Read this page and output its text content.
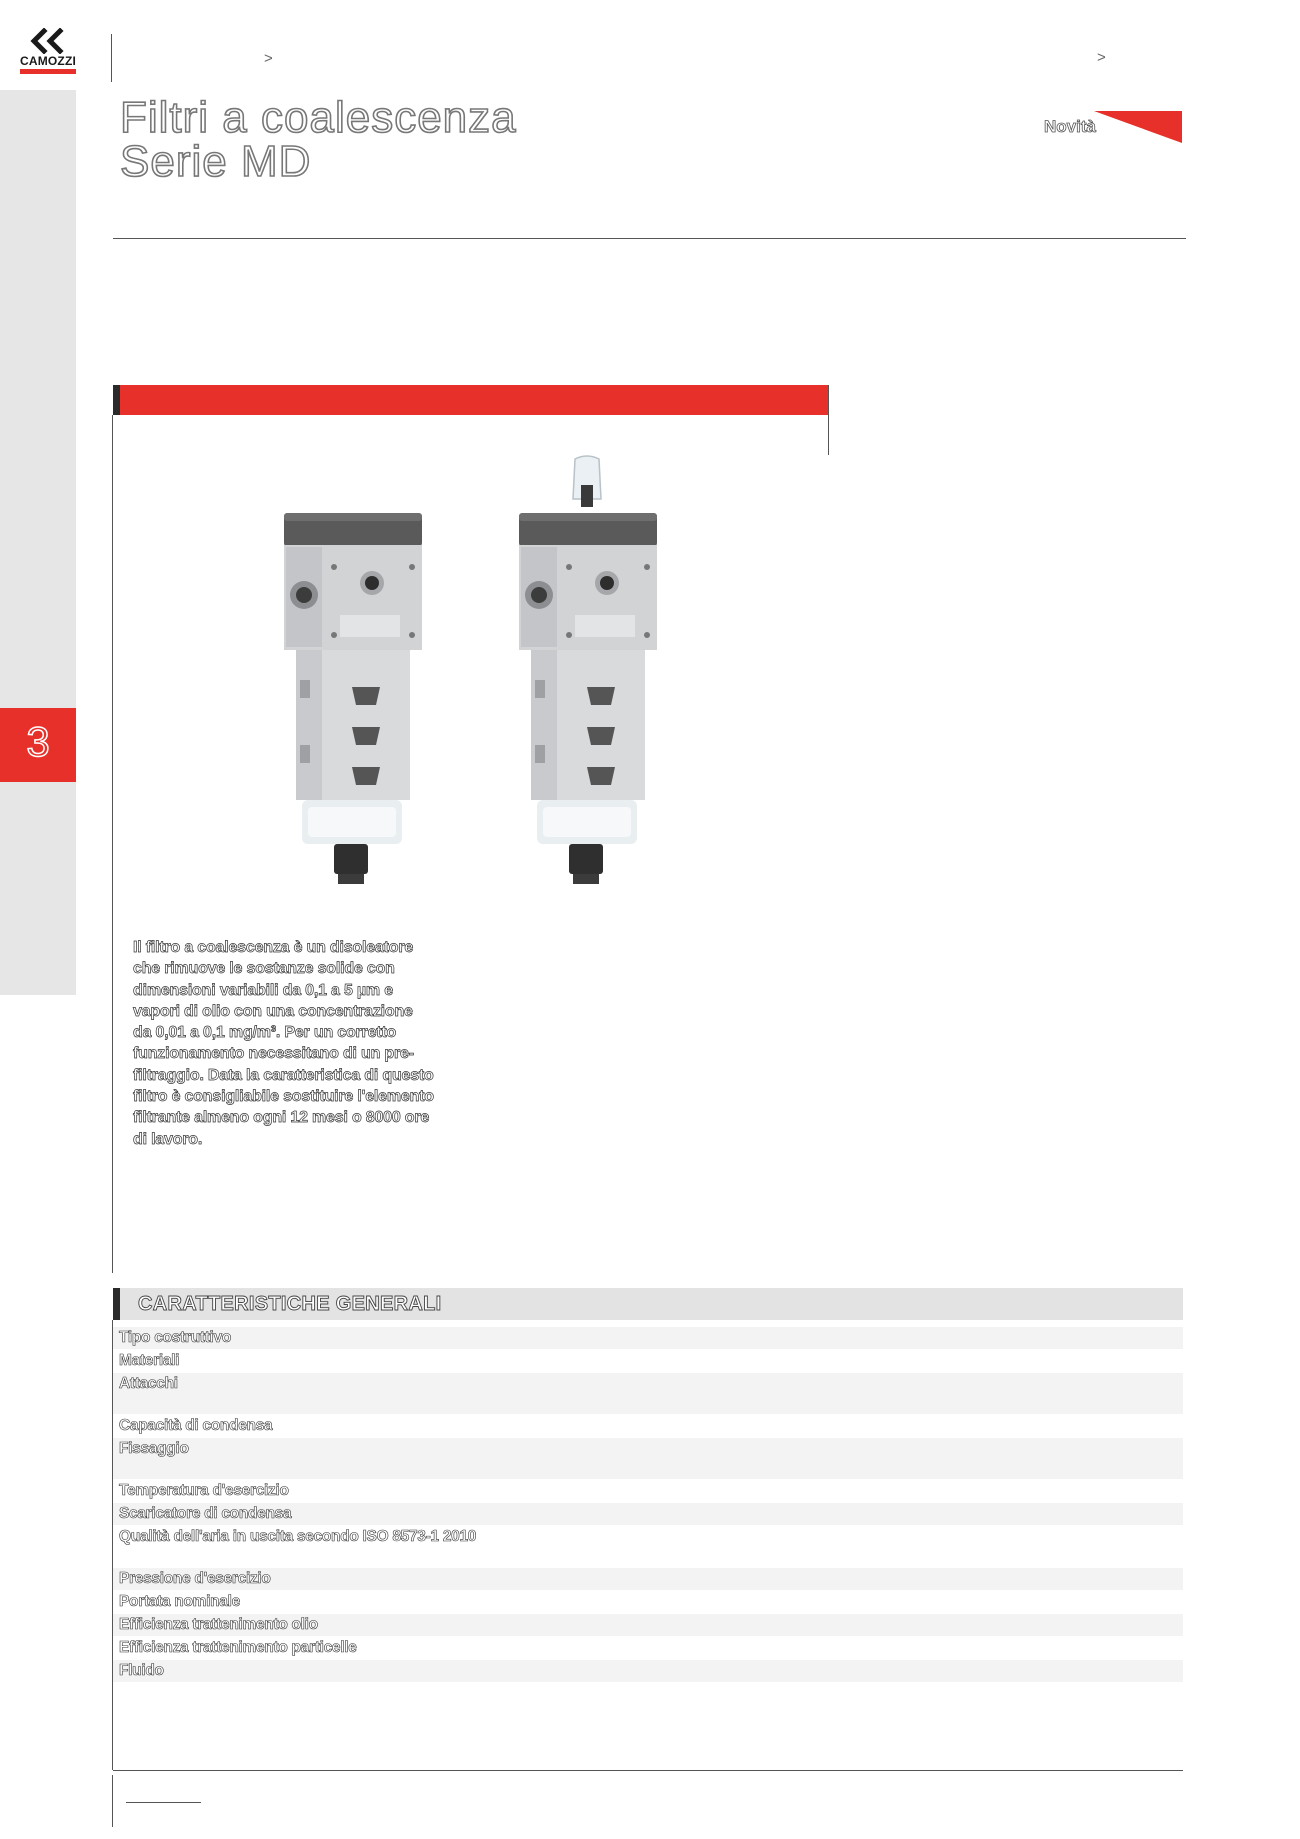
CAMOZZI	>	>
3
Filtri a coalescenza
Serie MD
Novità
Il filtro a coalescenza è un disoleatore
che rimuove le sostanze solide con
dimensioni variabili da 0,1 a 5 µm e
vapori di olio con una concentrazione
da 0,01 a 0,1 mg/m³. Per un corretto
funzionamento necessitano di un pre-
filtraggio. Data la caratteristica di questo
filtro è consigliabile sostituire l'elemento
filtrante almeno ogni 12 mesi o 8000 ore
di lavoro.
CARATTERISTICHE GENERALI
Tipo costruttivo
Materiali
Attacchi
Capacità di condensa
Fissaggio
Temperatura d'esercizio
Scaricatore di condensa
Qualità dell'aria in uscita secondo ISO 8573-1 2010
Pressione d'esercizio
Portata nominale
Efficienza trattenimento olio
Efficienza trattenimento particelle
Fluido
